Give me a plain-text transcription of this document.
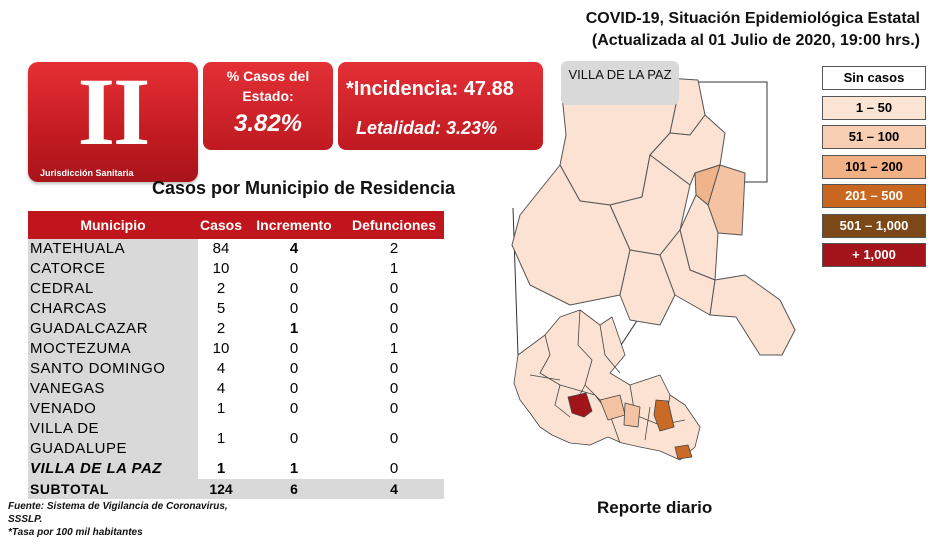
COVID-19, Situación Epidemiológica Estatal
(Actualizada al 01 Julio de 2020, 19:00 hrs.)
II
Jurisdicción Sanitaria
% Casos del
Estado:
3.82%
*Incidencia: 47.88
Letalidad: 3.23%
Casos por Municipio de Residencia
Municipio	Casos	Incremento	Defunciones
MATEHUALA	84	4	2
CATORCE	10	0	1
CEDRAL	2	0	0
CHARCAS	5	0	0
GUADALCAZAR	2	1	0
MOCTEZUMA	10	0	1
SANTO DOMINGO	4	0	0
VANEGAS	4	0	0
VENADO	1	0	0
VILLA DE GUADALUPE	1	0	0
VILLA DE LA PAZ	1	1	0
SUBTOTAL	124	6	4
Fuente: Sistema de Vigilancia de Coronavirus,
SSSLP.
*Tasa por 100 mil habitantes
Reporte diario
VILLA DE LA PAZ	Sin casos
1 – 50
51 – 100
101 – 200
201 – 500
501 – 1,000
+ 1,000
